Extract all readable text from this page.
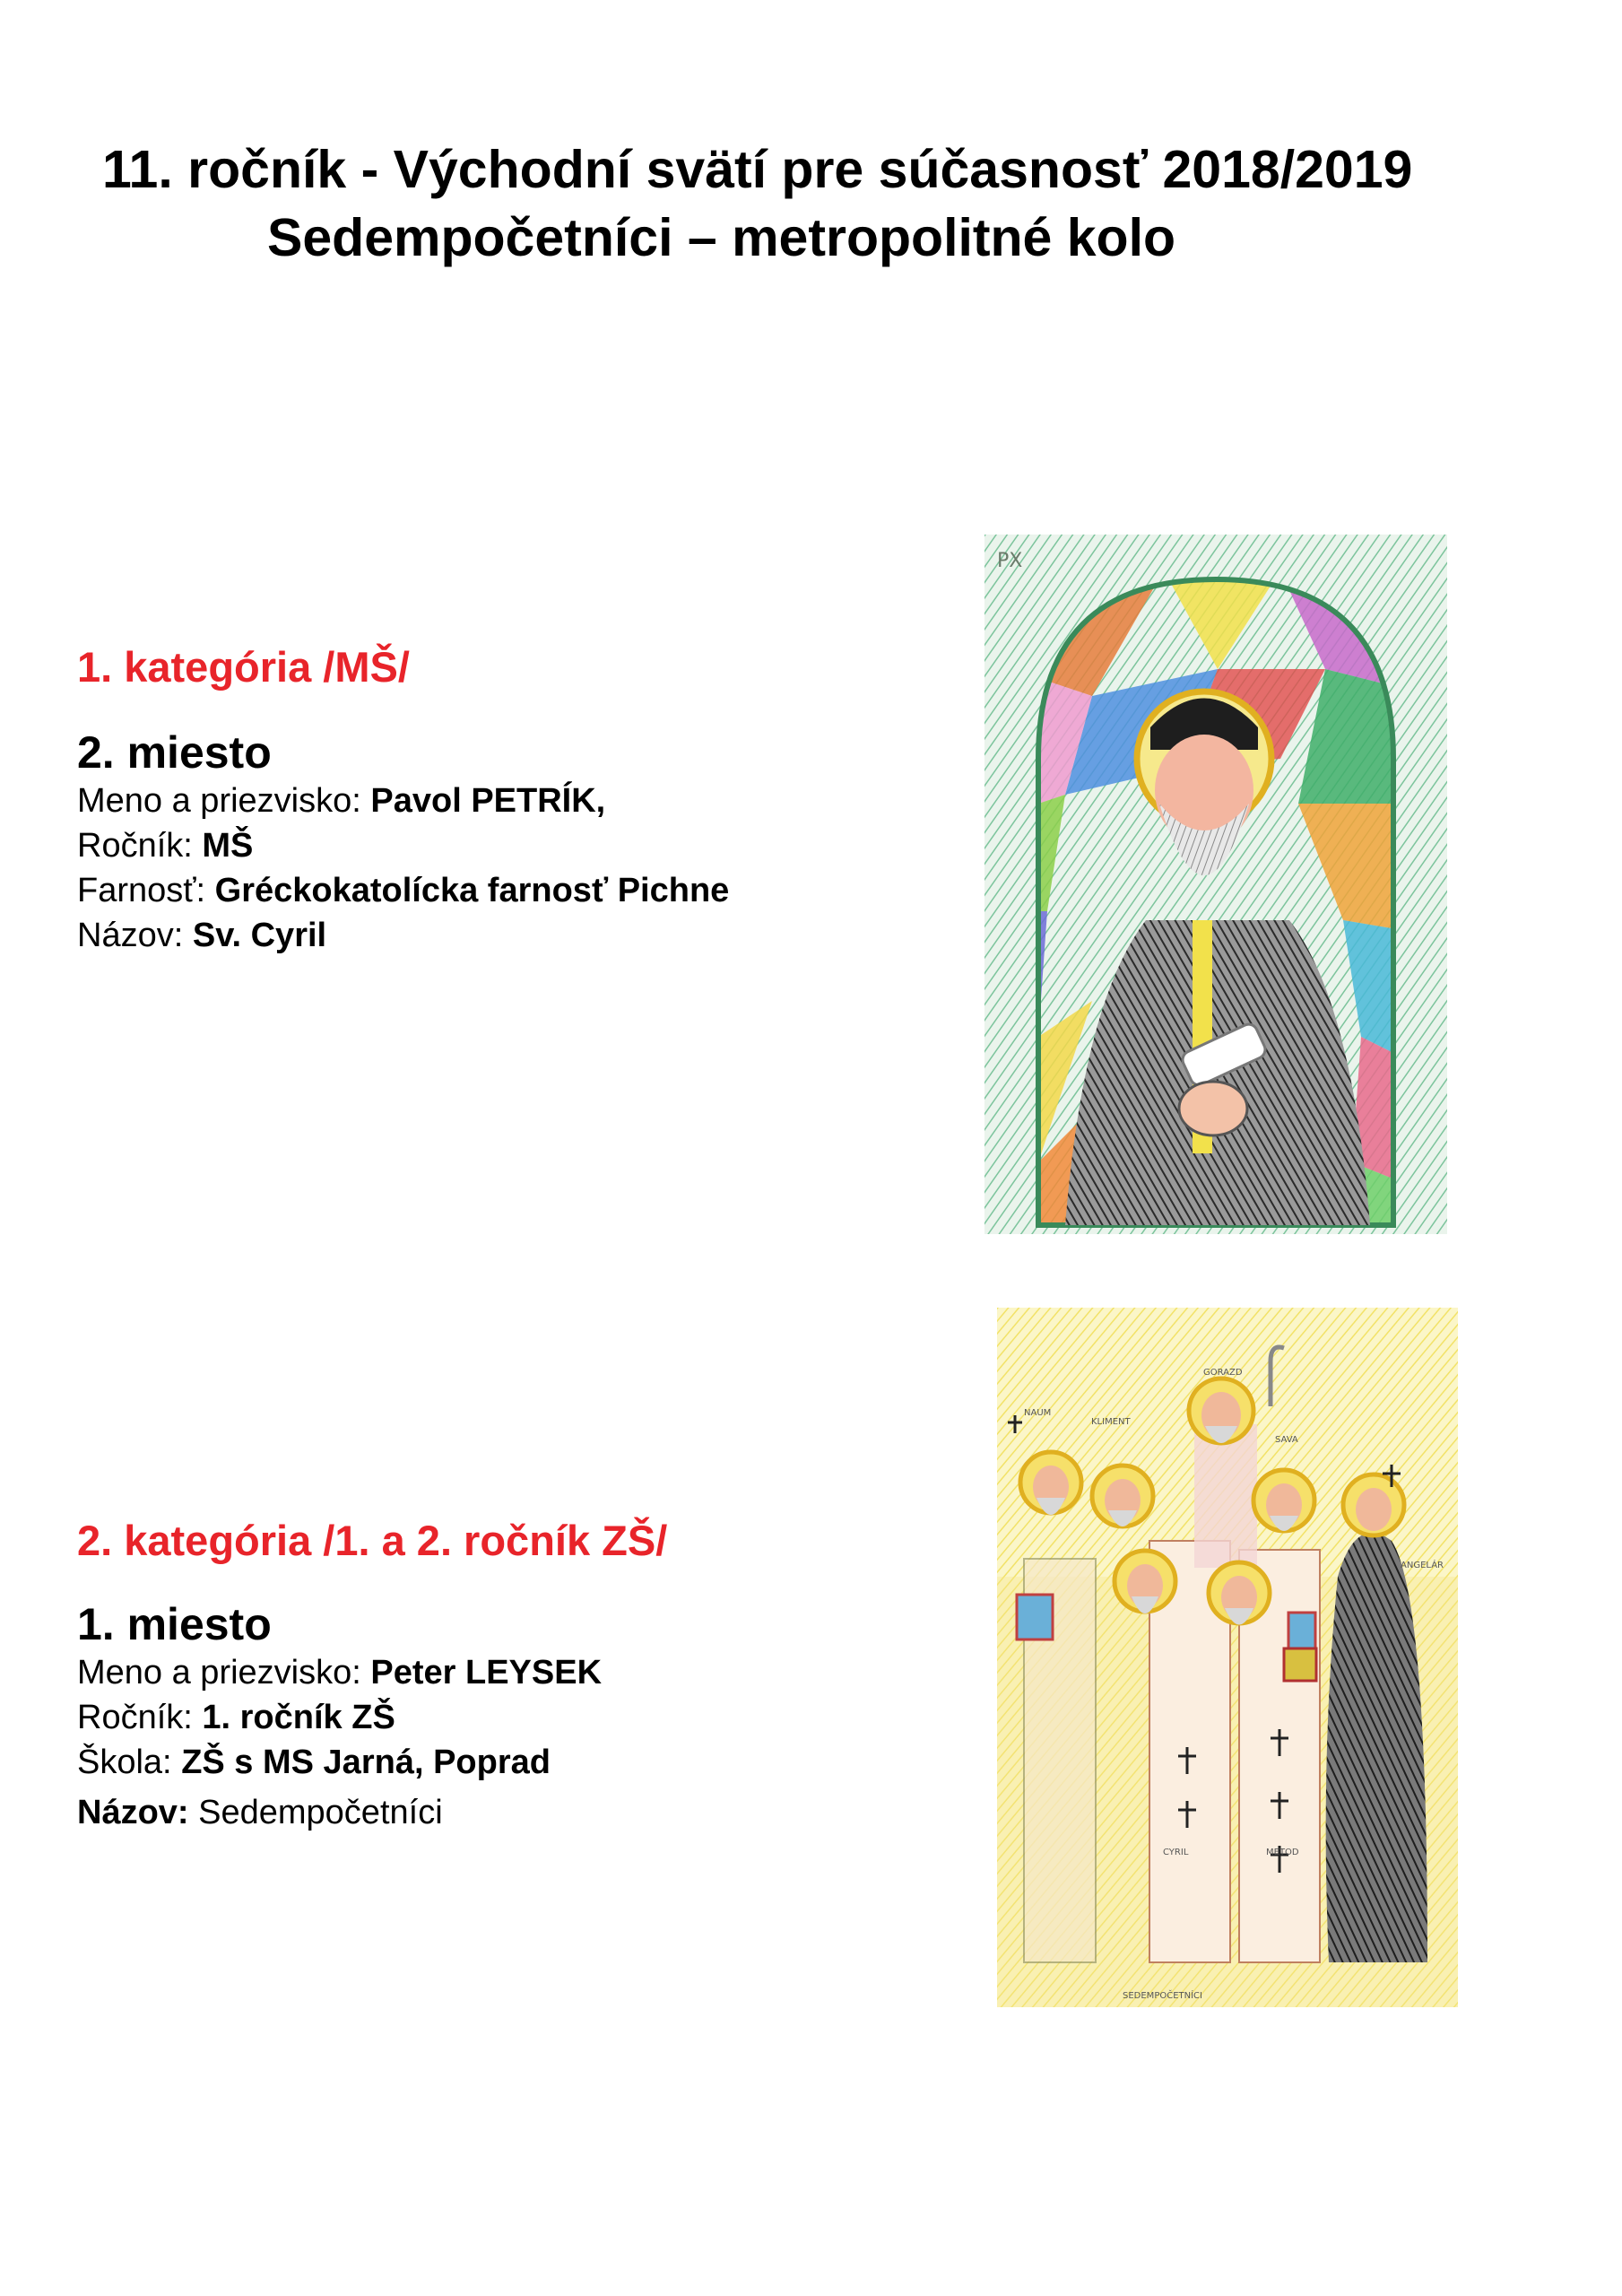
11. ročník - Východní svätí pre súčasnosť 2018/2019
Sedempočetníci – metropolitné kolo
1. kategória /MŠ/
2. miesto
Meno a priezvisko: Pavol PETRÍK,
Ročník: MŠ
Farnosť: Gréckokatolícka farnosť Pichne
Názov: Sv. Cyril
PX
2. kategória /1. a 2. ročník ZŠ/
1. miesto
Meno a priezvisko: Peter LEYSEK
Ročník: 1. ročník ZŠ
Škola: ZŠ s MS Jarná, Poprad
Názov: Sedempočetníci
GORAZD
KLIMENT
SAVA
NAUM
ANGELÁR
CYRIL	METOD
SEDEMPOČETNÍCI
